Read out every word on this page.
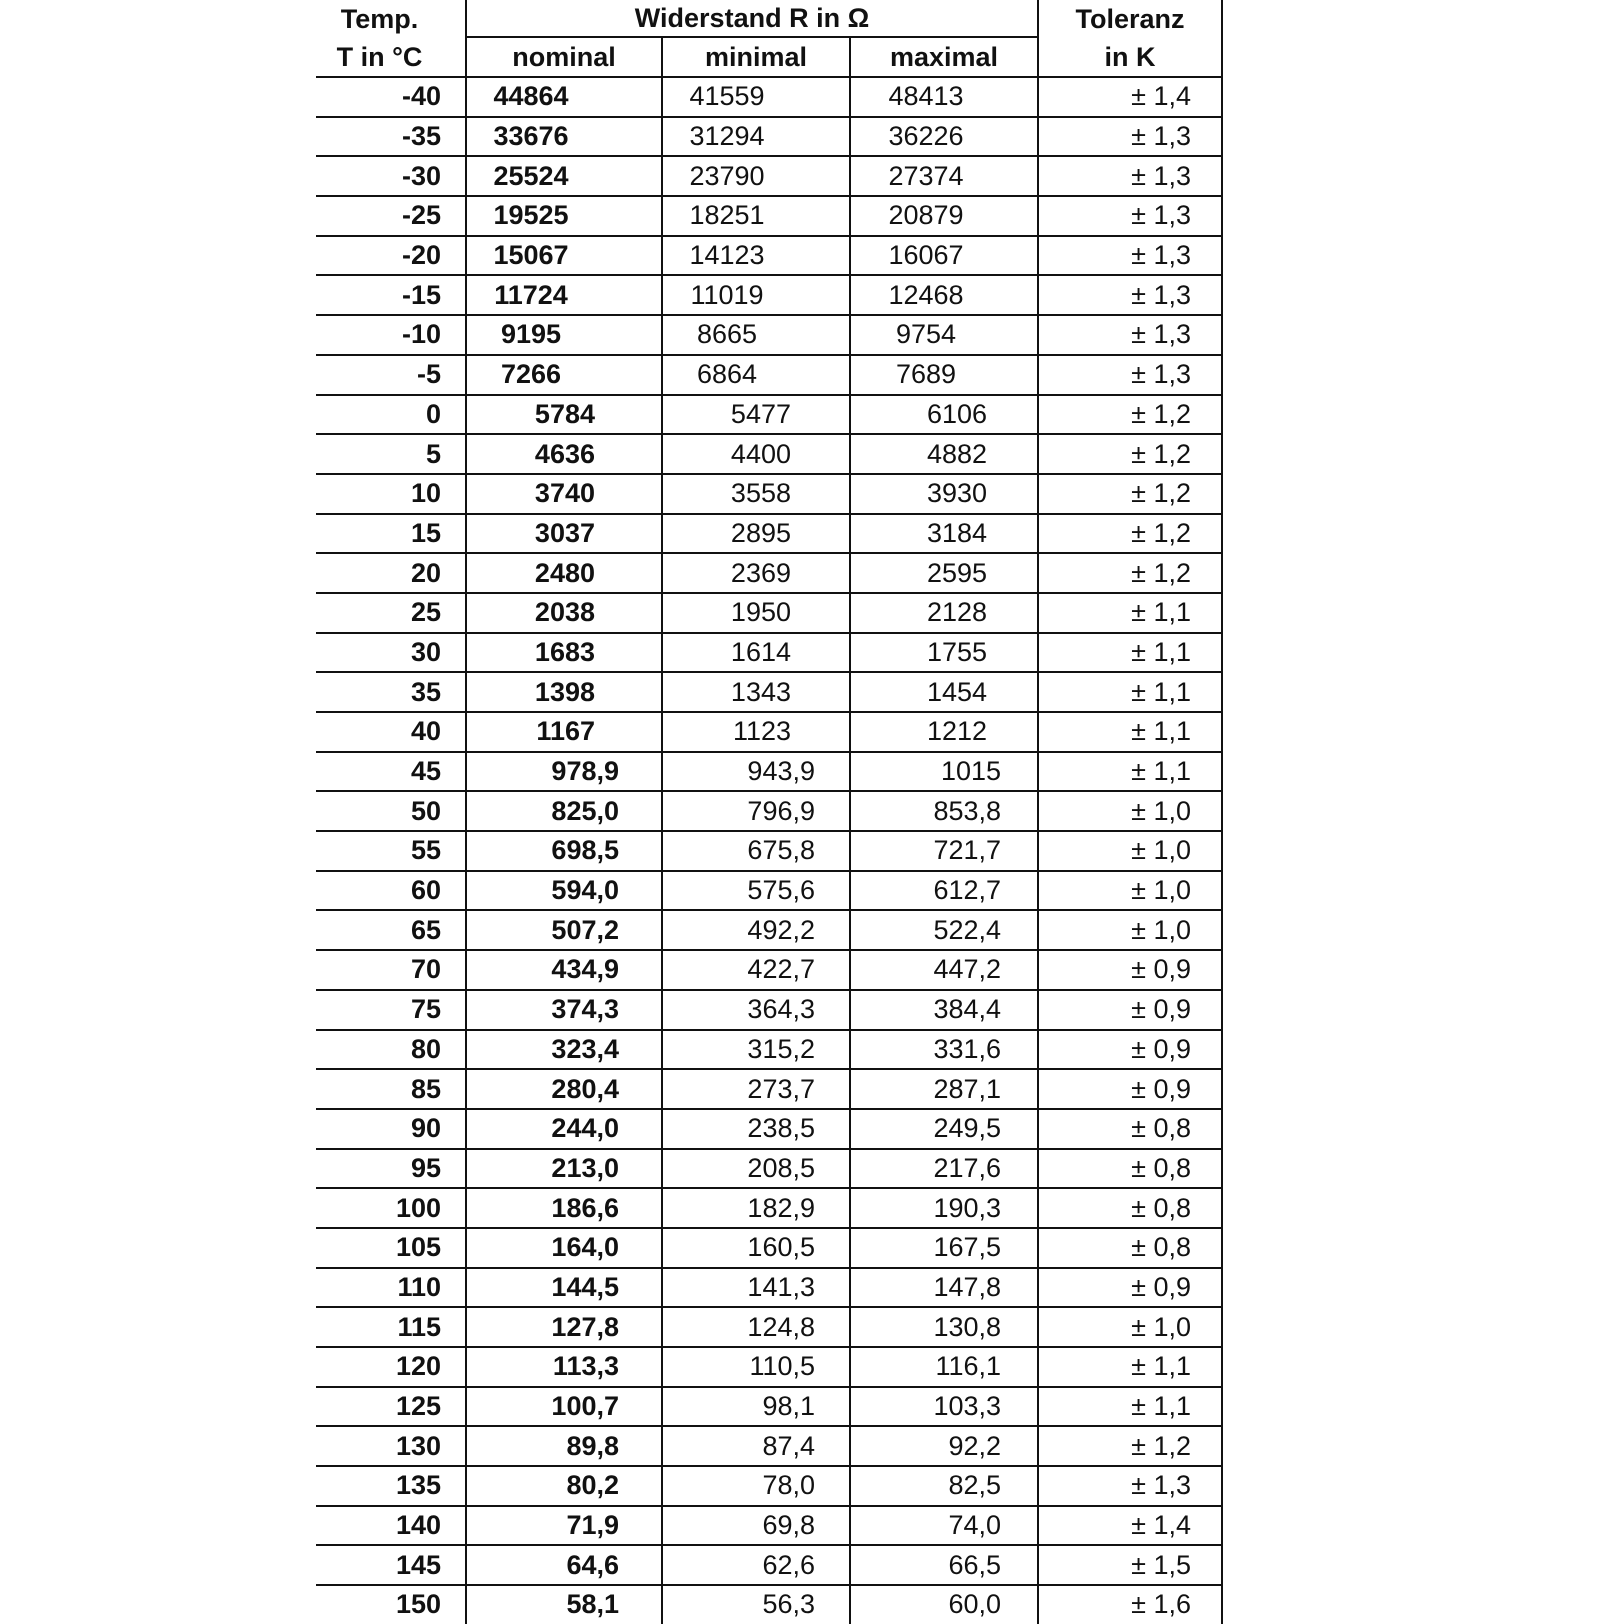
Temp.	Widerstand R in Ω			Toleranz
T in °C	nominal	minimal	maximal	in K
-40	44864	41559	48413	± 1,4
-35	33676	31294	36226	± 1,3
-30	25524	23790	27374	± 1,3
-25	19525	18251	20879	± 1,3
-20	15067	14123	16067	± 1,3
-15	11724	11019	12468	± 1,3
-10	9195	8665	9754	± 1,3
-5	7266	6864	7689	± 1,3
0	5784	5477	6106	± 1,2
5	4636	4400	4882	± 1,2
10	3740	3558	3930	± 1,2
15	3037	2895	3184	± 1,2
20	2480	2369	2595	± 1,2
25	2038	1950	2128	± 1,1
30	1683	1614	1755	± 1,1
35	1398	1343	1454	± 1,1
40	1167	1123	1212	± 1,1
45	978,9	943,9	1015	± 1,1
50	825,0	796,9	853,8	± 1,0
55	698,5	675,8	721,7	± 1,0
60	594,0	575,6	612,7	± 1,0
65	507,2	492,2	522,4	± 1,0
70	434,9	422,7	447,2	± 0,9
75	374,3	364,3	384,4	± 0,9
80	323,4	315,2	331,6	± 0,9
85	280,4	273,7	287,1	± 0,9
90	244,0	238,5	249,5	± 0,8
95	213,0	208,5	217,6	± 0,8
100	186,6	182,9	190,3	± 0,8
105	164,0	160,5	167,5	± 0,8
110	144,5	141,3	147,8	± 0,9
115	127,8	124,8	130,8	± 1,0
120	113,3	110,5	116,1	± 1,1
125	100,7	98,1	103,3	± 1,1
130	89,8	87,4	92,2	± 1,2
135	80,2	78,0	82,5	± 1,3
140	71,9	69,8	74,0	± 1,4
145	64,6	62,6	66,5	± 1,5
150	58,1	56,3	60,0	± 1,6
